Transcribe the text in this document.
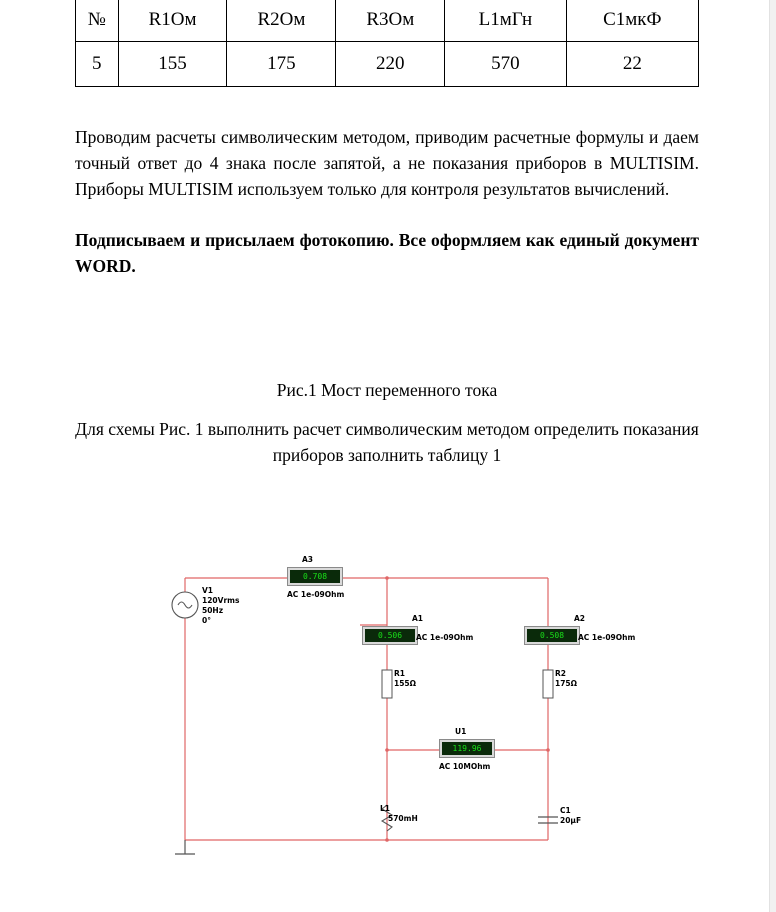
№	R1Ом	R2Ом	R3Ом	L1мГн	С1мкФ
5	155	175	220	570	22
Проводим расчеты символическим методом, приводим расчетные формулы и даем точный ответ до 4 знака после запятой, а не показания приборов в MULTISIM. Приборы MULTISIM используем только для контроля результатов вычислений.
Подписываем и присылаем фотокопию. Все оформляем как единый документ WORD.
Рис.1 Мост переменного тока
Для схемы Рис. 1 выполнить расчет символическим методом определить показания приборов заполнить таблицу 1
A3
0.708
AC 1e-09Ohm
V1
120Vrms
50Hz
0°	A1
0.506	AC 1e-09Ohm
A2
0.508	AC 1e-09Ohm
R1
155Ω
R2
175Ω
U1
119.96
AC 10MOhm
L1
570mH
C1
20µF
